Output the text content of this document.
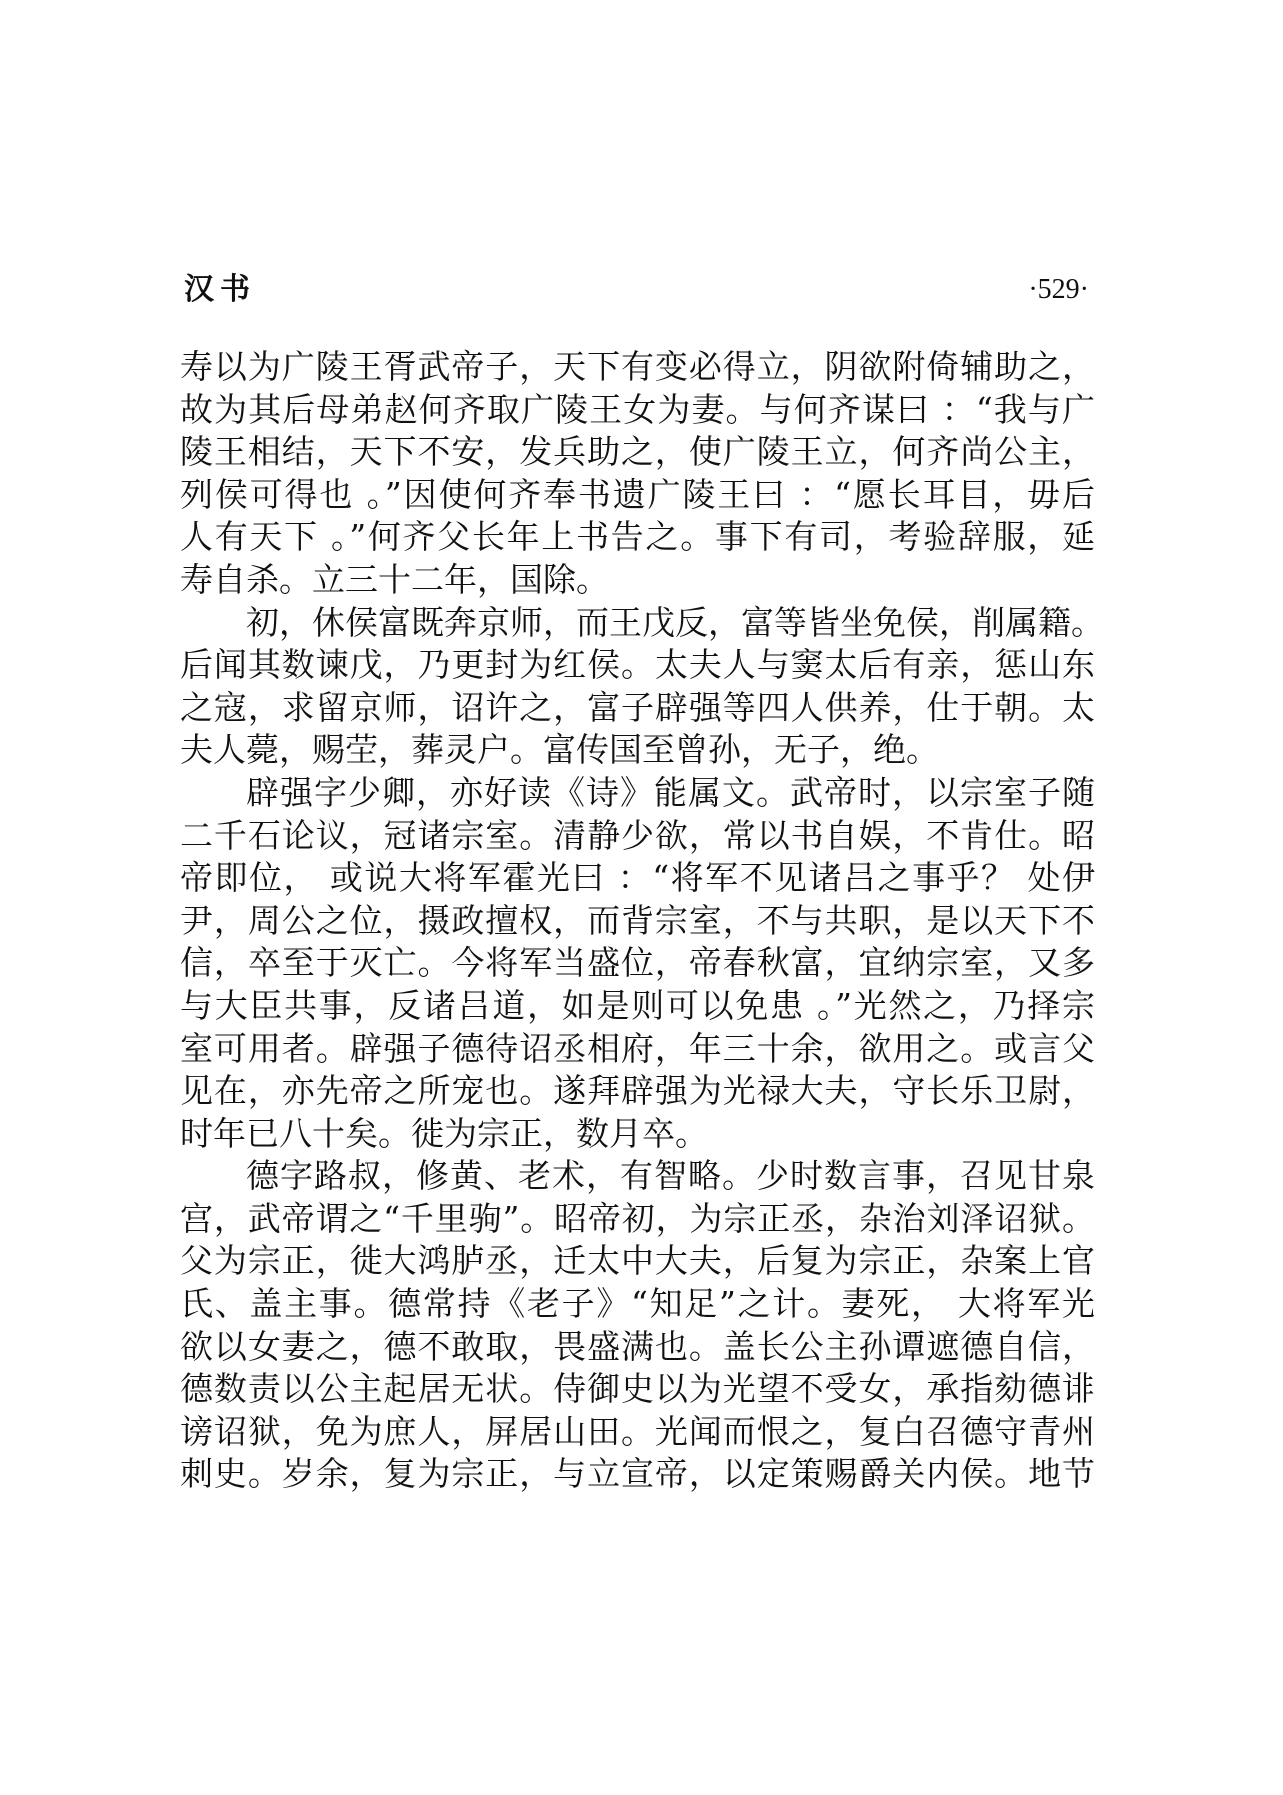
汉书	·529·
寿以为广陵王胥武帝子，天下有变必得立，阴欲附倚辅助之，
故为其后母弟赵何齐取广陵王女为妻。与何齐谋曰 ：“我与广
陵王相结，天下不安，发兵助之，使广陵王立，何齐尚公主，
列侯可得也 。”因使何齐奉书遗广陵王曰 ：“愿长耳目，毋后
人有天下 。”何齐父长年上书告之。事下有司，考验辞服，延
寿自杀。立三十二年，国除。
初，休侯富既奔京师，而王戊反，富等皆坐免侯，削属籍。
后闻其数谏戊，乃更封为红侯。太夫人与窦太后有亲，惩山东
之寇，求留京师，诏许之，富子辟强等四人供养，仕于朝。太
夫人薨，赐茔，葬灵户。富传国至曾孙，无子，绝。
辟强字少卿，亦好读《诗》能属文。武帝时，以宗室子随
二千石论议，冠诸宗室。清静少欲，常以书自娱，不肯仕。昭
帝即位， 或说大将军霍光曰 ：“将军不见诸吕之事乎？ 处伊
尹，周公之位，摄政擅权，而背宗室，不与共职，是以天下不
信，卒至于灭亡。今将军当盛位，帝春秋富，宜纳宗室，又多
与大臣共事，反诸吕道，如是则可以免患 。”光然之，乃择宗
室可用者。辟强子德待诏丞相府，年三十余，欲用之。或言父
见在，亦先帝之所宠也。遂拜辟强为光禄大夫，守长乐卫尉，
时年已八十矣。徙为宗正，数月卒。
德字路叔，修黄、老术，有智略。少时数言事，召见甘泉
宫，武帝谓之“千里驹”。昭帝初，为宗正丞，杂治刘泽诏狱。
父为宗正，徙大鸿胪丞，迁太中大夫，后复为宗正，杂案上官
氏、盖主事。德常持《老子》“知足”之计。妻死， 大将军光
欲以女妻之，德不敢取，畏盛满也。盖长公主孙谭遮德自信，
德数责以公主起居无状。侍御史以为光望不受女，承指劾德诽
谤诏狱，免为庶人，屏居山田。光闻而恨之，复白召德守青州
刺史。岁余，复为宗正，与立宣帝，以定策赐爵关内侯。地节
